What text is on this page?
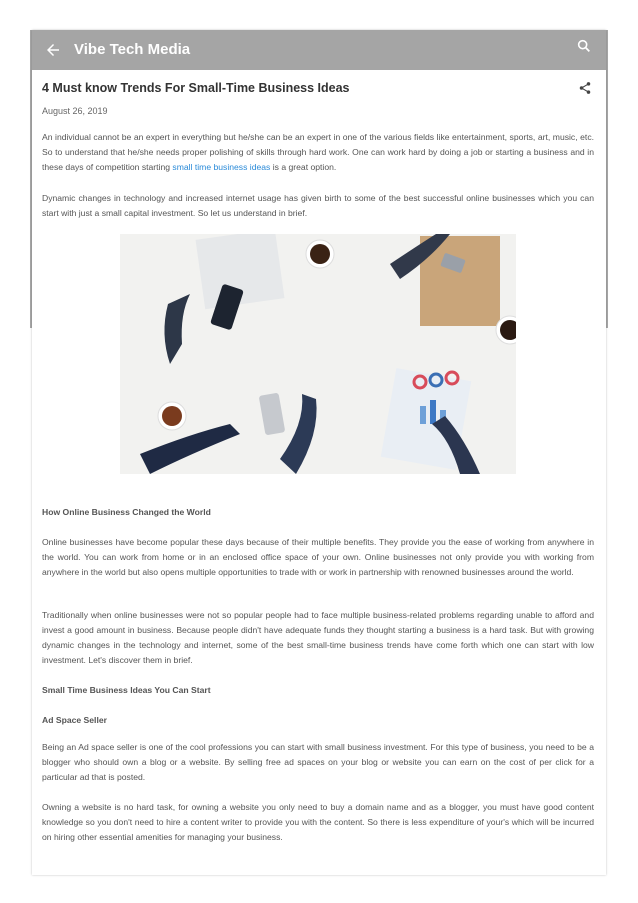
Vibe Tech Media
4 Must know Trends For Small-Time Business Ideas
August 26, 2019

An individual cannot be an expert in everything but he/she can be an expert in one of the various fields like entertainment, sports, art, music, etc. So to understand that he/she needs proper polishing of skills through hard work. One can work hard by doing a job or starting a business and in these days of competition starting small time business ideas is a great option.

Dynamic changes in technology and increased internet usage has given birth to some of the best successful online businesses which you can start with just a small capital investment. So let us understand in brief.

How Online Business Changed the World

Online businesses have become popular these days because of their multiple benefits. They provide you the ease of working from anywhere in the world. You can work from home or in an enclosed office space of your own. Online businesses not only provide you with working from anywhere in the world but also opens multiple opportunities to trade with or work in partnership with renowned businesses around the world.

Traditionally when online businesses were not so popular people had to face multiple business-related problems regarding unable to afford and invest a good amount in business. Because people didn't have adequate funds they thought starting a business is a hard task. But with growing dynamic changes in the technology and internet, some of the best small-time business trends have come forth which one can start with low investment. Let's discover them in brief.

Small Time Business Ideas You Can Start
Ad Space Seller

Being an Ad space seller is one of the cool professions you can start with small business investment. For this type of business, you need to be a blogger who should own a blog or a website. By selling free ad spaces on your blog or website you can earn on the cost of per click for a particular ad that is posted.

Owning a website is no hard task, for owning a website you only need to buy a domain name and as a blogger, you must have good content knowledge so you don't need to hire a content writer to provide you with the content. So there is less expenditure of your's which will be incurred on hiring other essential amenities for managing your business.
